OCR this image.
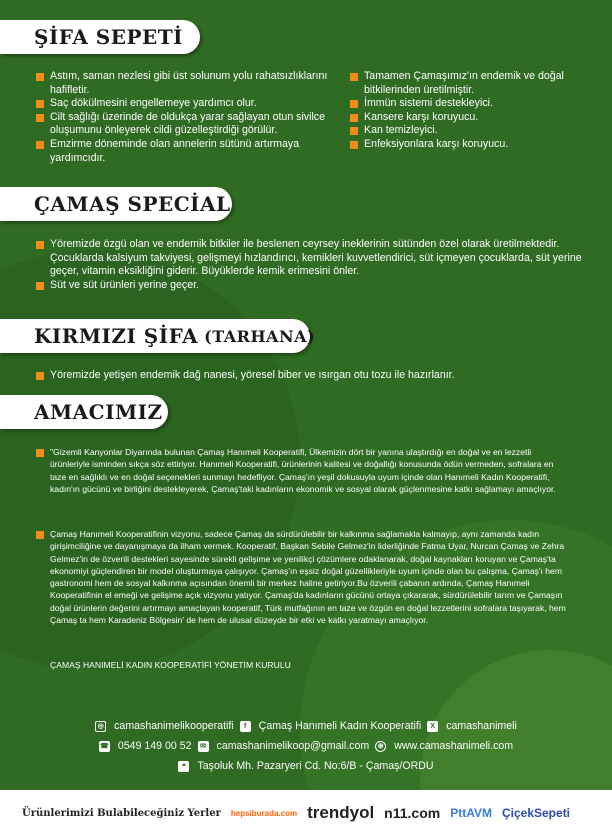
ŞİFA SEPETİ
Astım, saman nezlesi gibi üst solunum yolu rahatsızlıklarını hafifletir.
Saç dökülmesini engellemeye yardımcı olur.
Cilt sağlığı üzerinde de oldukça yarar sağlayan otun sivilce oluşumunu önleyerek cildi güzelleştirdiği görülür.
Emzirme döneminde olan annelerin sütünü artırmaya yardımcıdır.
Tamamen Çamaşımız'ın endemik ve doğal bitkilerinden üretilmiştir.
İmmün sistemi destekleyici.
Kansere karşı koruyucu.
Kan temizleyici.
Enfeksiyonlara karşı koruyucu.
ÇAMAŞ SPECİAL
Yöremizde özgü olan ve endemik bitkiler ile beslenen ceyrsey ineklerinin sütünden özel olarak üretilmektedir. Çocuklarda kalsiyum takviyesi, gelişmeyi hızlandırıcı, kemikleri kuvvetlendirici, süt içmeyen çocuklarda, süt yerine geçer, vitamin eksikliğini giderir. Büyüklerde kemik erimesini önler.
Süt ve süt ürünleri yerine geçer.
KIRMIZI ŞİFA (TARHANA)
Yöremizde yetişen endemik dağ nanesi, yöresel biber ve ısırgan otu tozu ile hazırlanır.
AMACIMIZ
"Gizemli Kanyonlar Diyarında bulunan Çamaş Hanımeli Kooperatifi, Ülkemizin dört bir yanına ulaştırdığı en doğal ve en lezzetli ürünleriyle isminden sıkça söz ettiriyor. Hanımeli Kooperatifi, ürünlerinin kalitesi ve doğallığı konusunda ödün vermeden, sofralara en taze en sağlıklı ve en doğal seçenekleri sunmayı hedefliyor. Çamaş'ın yeşil dokusuyla uyum içinde olan Hanımeli Kadın Kooperatifi, kadın'ın gücünü ve birliğini destekleyerek, Çamaş'taki kadınların ekonomik ve sosyal olarak güçlenmesine katkı sağlamayı amaçlıyor.
Çamaş Hanımeli Kooperatifinin vizyonu, sadece Çamaş da sürdürülebilir bir kalkınma sağlamakla kalmayıp, aynı zamanda kadın girişimciliğine ve dayanışmaya da ilham vermek. Kooperatif, Başkan Sebile Gelmez'in liderliğinde Fatma Uyar, Nurcan Çamaş ve Zehra Gelmez'in de özverili destekleri sayesinde sürekli gelişime ve yenilikçi çözümlere odaklanarak, doğal kaynakları koruyan ve Çamaş'ta ekonomiyi güçlendiren bir model oluşturmaya çalışıyor. Çamaş'ın eşsiz doğal güzellikleriyle uyum içinde olan bu çalışma, Çamaş'ı hem gastronomi hem de sosyal kalkınma açısından önemli bir merkez haline getiriyor.Bu özverili çabanın ardında, Çamaş Hanımeli Kooperatifinin el emeği ve gelişime açık vizyonu yatıyor. Çamaş'da kadınların gücünü ortaya çıkararak, sürdürülebilir tarım ve Çamaşın doğal ürünlerin değerini artırmayı amaçlayan kooperatif, Türk mutfağının en taze ve özgün en doğal lezzetlerini sofralara taşıyarak, hem Çamaş ta hem Karadeniz Bölgesin' de hem de ulusal düzeyde bir etki ve katkı yaratmayı amaçlıyor.
ÇAMAŞ HANIMELİ KADIN KOOPERATİFİ YÖNETİM KURULU
◎ camashanimelikooperatifi	f	Çamaş Hanımeli Kadın Kooperatifi	X camashanimeli
☎ 0549 149 00 52	✉ camashanimelikoop@gmail.com	⊕ www.camashanimeli.com
⌖	Taşoluk Mh. Pazaryeri Cd. No:6/B - Çamaş/ORDU
Ürünlerimizi Bulabileceğiniz Yerler hepsiburada.com trendyol n11.com PttAVM ÇiçekSepeti
